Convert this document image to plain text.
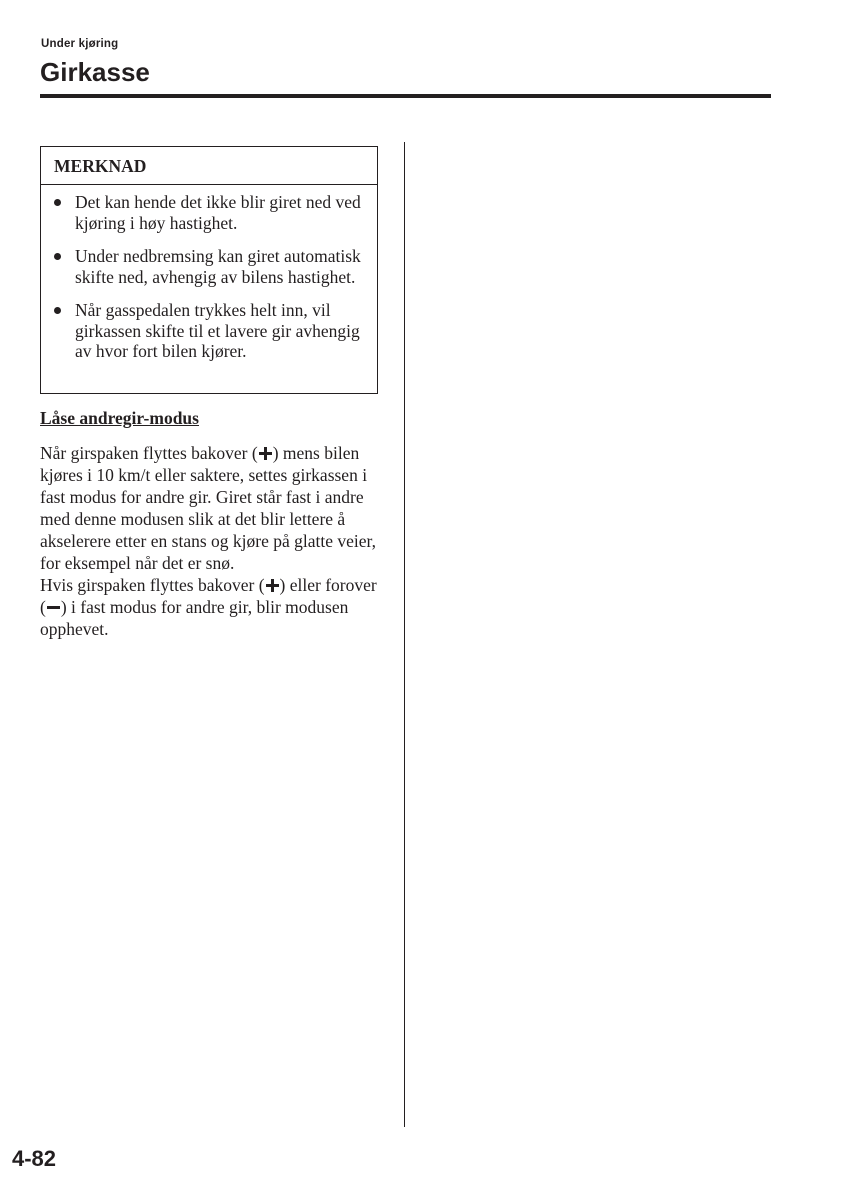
Under kjøring
Girkasse
MERKNAD
Det kan hende det ikke blir giret ned ved kjøring i høy hastighet.
Under nedbremsing kan giret automatisk skifte ned, avhengig av bilens hastighet.
Når gasspedalen trykkes helt inn, vil girkassen skifte til et lavere gir avhengig av hvor fort bilen kjører.
Låse andregir-modus

Når girspaken flyttes bakover ( ) mens bilen kjøres i 10 km/t eller saktere, settes girkassen i fast modus for andre gir. Giret står fast i andre med denne modusen slik at det blir lettere å akselerere etter en stans og kjøre på glatte veier, for eksempel når det er snø.

Hvis girspaken flyttes bakover ( ) eller forover ( ) i fast modus for andre gir, blir modusen opphevet.

4-82
